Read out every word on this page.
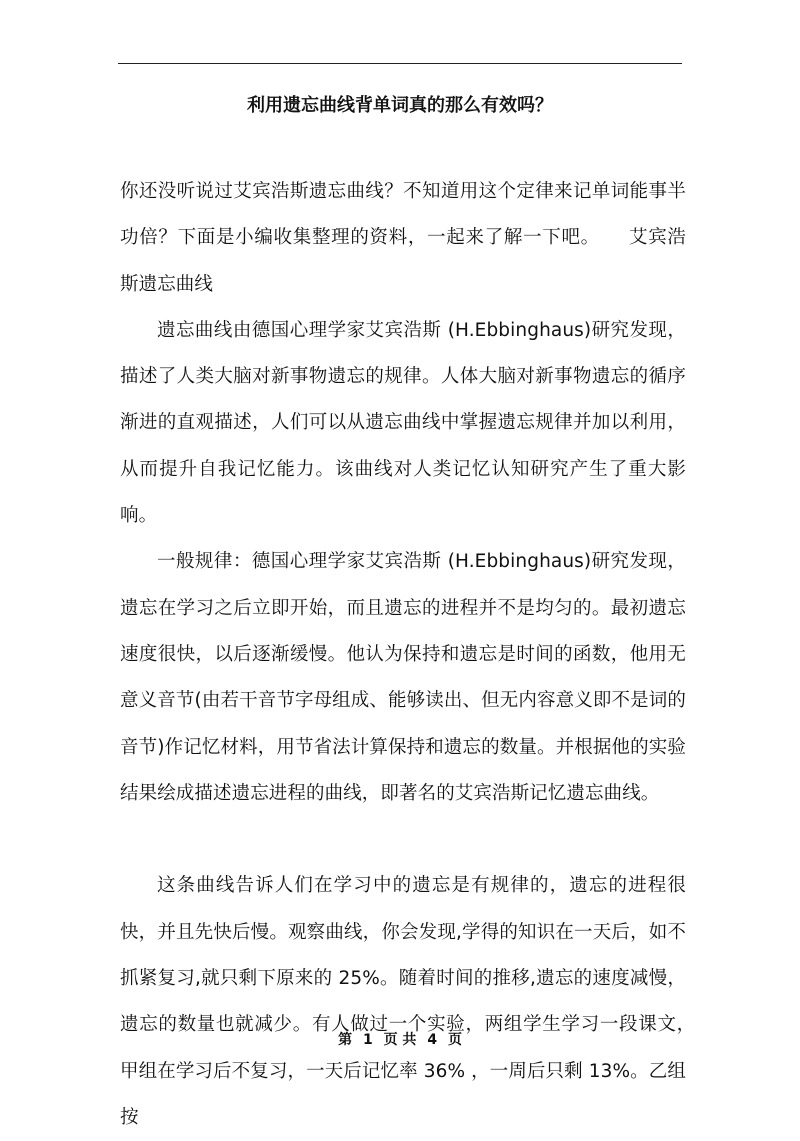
利用遗忘曲线背单词真的那么有效吗？

你还没听说过艾宾浩斯遗忘曲线？不知道用这个定律来记单词能事半功倍？下面是小编收集整理的资料，一起来了解一下吧。　　艾宾浩斯遗忘曲线

遗忘曲线由德国心理学家艾宾浩斯 (H.Ebbinghaus)研究发现，描述了人类大脑对新事物遗忘的规律。人体大脑对新事物遗忘的循序渐进的直观描述，人们可以从遗忘曲线中掌握遗忘规律并加以利用，从而提升自我记忆能力。该曲线对人类记忆认知研究产生了重大影响。

一般规律：德国心理学家艾宾浩斯 (H.Ebbinghaus)研究发现，遗忘在学习之后立即开始，而且遗忘的进程并不是均匀的。最初遗忘速度很快，以后逐渐缓慢。他认为保持和遗忘是时间的函数，他用无意义音节(由若干音节字母组成、能够读出、但无内容意义即不是词的音节)作记忆材料，用节省法计算保持和遗忘的数量。并根据他的实验结果绘成描述遗忘进程的曲线，即著名的艾宾浩斯记忆遗忘曲线。

这条曲线告诉人们在学习中的遗忘是有规律的，遗忘的进程很快，并且先快后慢。观察曲线，你会发现,学得的知识在一天后，如不抓紧复习,就只剩下原来的 25%。随着时间的推移,遗忘的速度减慢，遗忘的数量也就减少。有人做过一个实验，两组学生学习一段课文，　甲组在学习后不复习，一天后记忆率 36% ，一周后只剩 13%。乙组按

第 1 页 共 4 页
